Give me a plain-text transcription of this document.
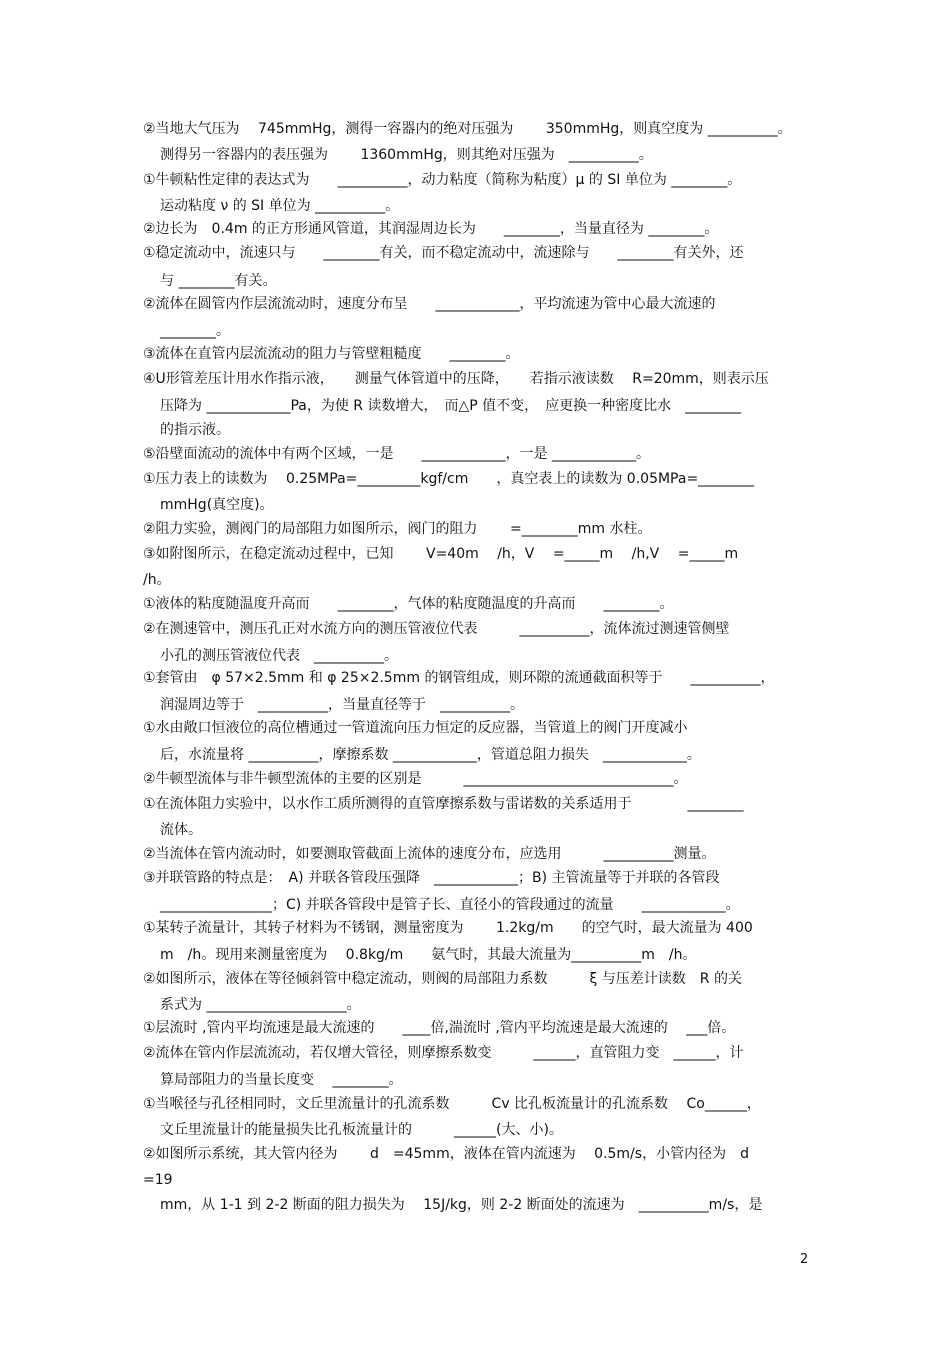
②当地大气压为　 745mmHg，测得一容器内的绝对压强为　　 350mmHg，则真空度为 __________。
测得另一容器内的表压强为　　 1360mmHg，则其绝对压强为　__________。
①牛顿粘性定律的表达式为　　__________，动力粘度（简称为粘度）μ 的 SI 单位为 ________。
运动粘度 ν 的 SI 单位为 __________。
②边长为　0.4m 的正方形通风管道，其润湿周边长为　　________，当量直径为 ________。
①稳定流动中，流速只与　　________有关，而不稳定流动中，流速除与　　________有关外，还
与 ________有关。
②流体在圆管内作层流流动时，速度分布呈　　____________，平均流速为管中心最大流速的
________。
③流体在直管内层流流动的阻力与管壁粗糙度　　________。
④U形管差压计用水作指示液，　　测量气体管道中的压降，　　若指示液读数　 R=20mm，则表示压
压降为 ____________Pa，为使 R 读数增大，　而△P 值不变，　应更换一种密度比水　________
的指示液。
⑤沿壁面流动的流体中有两个区域，一是　　____________，一是 ____________。
①压力表上的读数为　 0.25MPa=_________kgf/cm　　，真空表上的读数为 0.05MPa=________
mmHg(真空度)。
②阻力实验，测阀门的局部阻力如图所示，阀门的阻力　　 =________mm 水柱。
③如附图所示，在稳定流动过程中，已知　　 V=40m　 /h，V　 =_____m　 /h,V　 =_____m
/h。
①液体的粘度随温度升高而　　________，气体的粘度随温度的升高而　　________。
②在测速管中，测压孔正对水流方向的测压管液位代表　　　__________，流体流过测速管侧壁
小孔的测压管液位代表　__________。
①套管由　φ 57×2.5mm 和 φ 25×2.5mm 的钢管组成，则环隙的流通截面积等于　　__________，
润湿周边等于　__________，当量直径等于　__________。
①水由敞口恒液位的高位槽通过一管道流向压力恒定的反应器，当管道上的阀门开度减小
后，水流量将 __________，摩擦系数 ____________，管道总阻力损失　____________。
②牛顿型流体与非牛顿型流体的主要的区别是　　　______________________________。
①在流体阻力实验中，以水作工质所测得的直管摩擦系数与雷诺数的关系适用于　　　　________
流体。
②当流体在管内流动时，如要测取管截面上流体的速度分布，应选用　　　__________测量。
③并联管路的特点是：　A) 并联各管段压强降　____________；B) 主管流量等于并联的各管段
________________；C) 并联各管段中是管子长、直径小的管段通过的流量　　____________。
①某转子流量计，其转子材料为不锈钢，测量密度为　　 1.2kg/m　　的空气时，最大流量为 400
m　/h。现用来测量密度为　 0.8kg/m　　氨气时，其最大流量为__________m　/h。
②如图所示，液体在等径倾斜管中稳定流动，则阀的局部阻力系数　　　ξ 与压差计读数　R 的关
系式为 ____________________。
①层流时 ,管内平均流速是最大流速的　　____倍,湍流时 ,管内平均流速是最大流速的　 ___倍。
②流体在管内作层流流动，若仅增大管径，则摩擦系数变　　　______，直管阻力变　______，计
算局部阻力的当量长度变　 ________。
①当喉径与孔径相同时，文丘里流量计的孔流系数　　　Cv 比孔板流量计的孔流系数　 Co______，
文丘里流量计的能量损失比孔板流量计的　　　______(大、小)。
②如图所示系统，其大管内径为　　 d　=45mm，液体在管内流速为　 0.5m/s，小管内径为　d
=19
mm，从 1-1 到 2-2 断面的阻力损失为　 15J/kg，则 2-2 断面处的流速为　__________m/s，是
2
